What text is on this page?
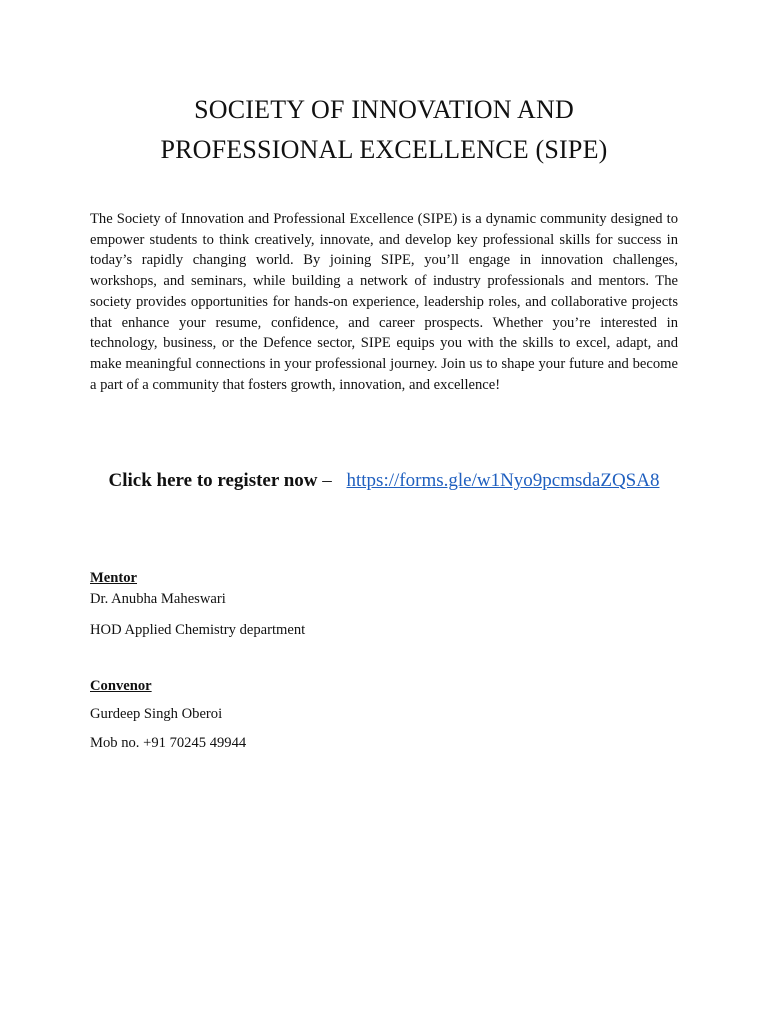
SOCIETY OF INNOVATION AND
PROFESSIONAL EXCELLENCE (SIPE)

The Society of Innovation and Professional Excellence (SIPE) is a dynamic community designed to empower students to think creatively, innovate, and develop key professional skills for success in today’s rapidly changing world. By joining SIPE, you’ll engage in innovation challenges, workshops, and seminars, while building a network of industry professionals and mentors. The society provides opportunities for hands-on experience, leadership roles, and collaborative projects that enhance your resume, confidence, and career prospects. Whether you’re interested in technology, business, or the Defence sector, SIPE equips you with the skills to excel, adapt, and make meaningful connections in your professional journey. Join us to shape your future and become a part of a community that fosters growth, innovation, and excellence!

Click here to register now – https://forms.gle/w1Nyo9pcmsdaZQSA8
Mentor
Dr. Anubha Maheswari
HOD Applied Chemistry department
Convenor
Gurdeep Singh Oberoi
Mob no. +91 70245 49944
